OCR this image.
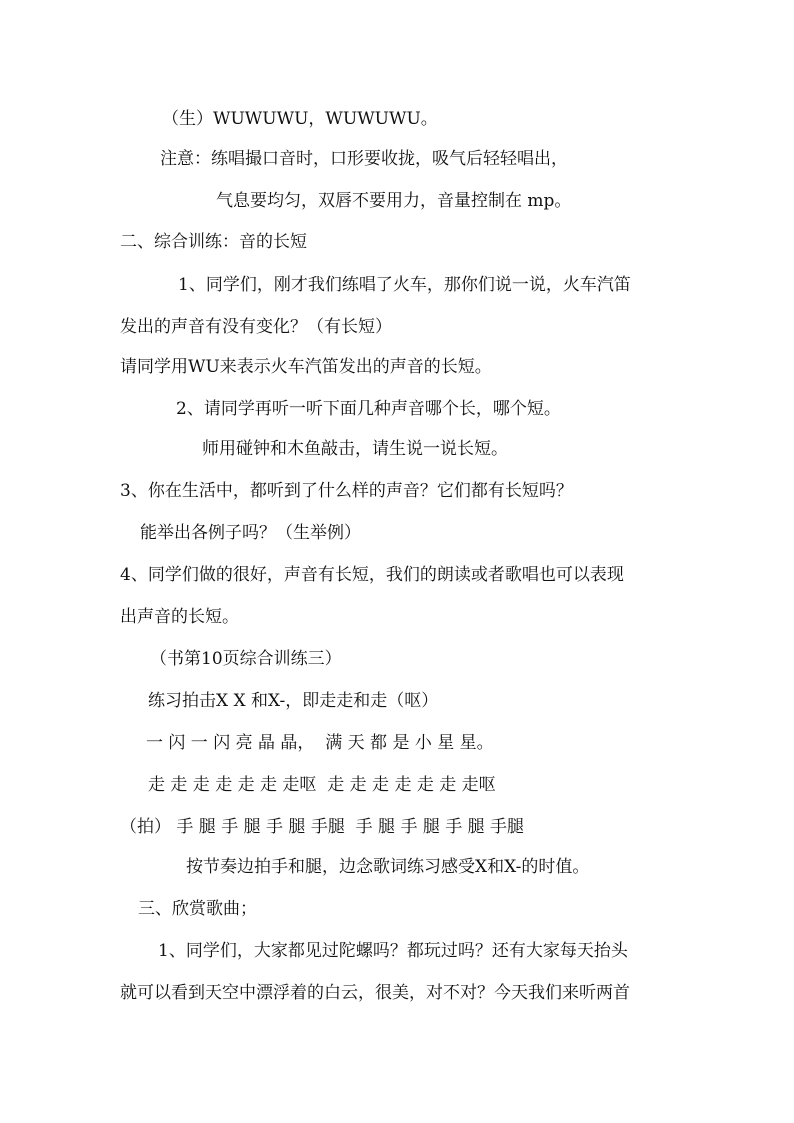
（生）WUWUWU，WUWUWU。
注意：练唱撮口音时，口形要收拢，吸气后轻轻唱出，
气息要均匀，双唇不要用力，音量控制在 mp。
二、综合训练：音的长短
1、同学们，刚才我们练唱了火车，那你们说一说，火车汽笛
发出的声音有没有变化？（有长短）
请同学用WU来表示火车汽笛发出的声音的长短。
2、请同学再听一听下面几种声音哪个长，哪个短。
师用碰钟和木鱼敲击，请生说一说长短。
3、你在生活中，都听到了什么样的声音？它们都有长短吗？
能举出各例子吗？（生举例）
4、同学们做的很好，声音有长短，我们的朗读或者歌唱也可以表现
出声音的长短。
（书第10页综合训练三）
练习拍击X X 和X-，即走走和走（呕）
一 闪 一 闪 亮 晶 晶，  满 天 都 是 小 星 星。
走 走 走 走 走 走 走呕  走 走 走 走 走 走 走呕
（拍） 手 腿 手 腿 手 腿 手腿  手 腿 手 腿 手 腿 手腿
按节奏边拍手和腿，边念歌词练习感受X和X-的时值。
三、欣赏歌曲；
1、同学们，大家都见过陀螺吗？都玩过吗？还有大家每天抬头
就可以看到天空中漂浮着的白云，很美，对不对？今天我们来听两首
